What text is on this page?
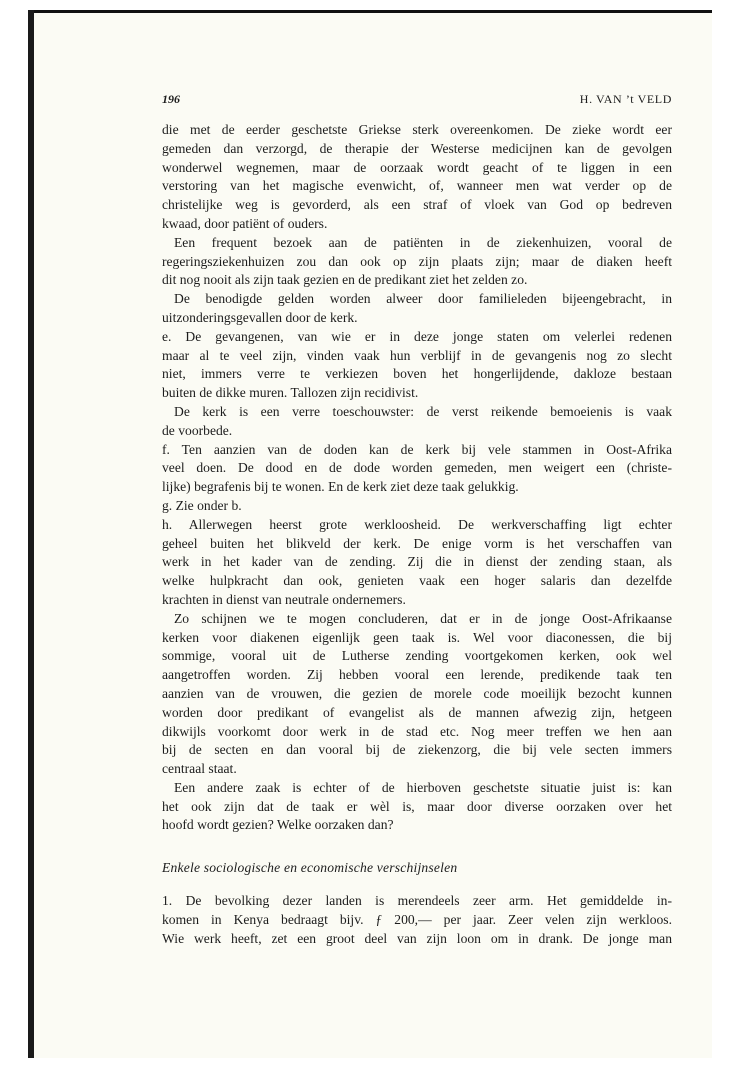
196	H. VAN ’t VELD
die met de eerder geschetste Griekse sterk overeenkomen. De zieke wordt eer
gemeden dan verzorgd, de therapie der Westerse medicijnen kan de gevolgen
wonderwel wegnemen, maar de oorzaak wordt geacht of te liggen in een
verstoring van het magische evenwicht, of, wanneer men wat verder op de
christelijke weg is gevorderd, als een straf of vloek van God op bedreven
kwaad, door patiënt of ouders.
Een frequent bezoek aan de patiënten in de ziekenhuizen, vooral de
regeringsziekenhuizen zou dan ook op zijn plaats zijn; maar de diaken heeft
dit nog nooit als zijn taak gezien en de predikant ziet het zelden zo.
De benodigde gelden worden alweer door familieleden bijeengebracht, in
uitzonderingsgevallen door de kerk.
e. De gevangenen, van wie er in deze jonge staten om velerlei redenen
maar al te veel zijn, vinden vaak hun verblijf in de gevangenis nog zo slecht
niet, immers verre te verkiezen boven het hongerlijdende, dakloze bestaan
buiten de dikke muren. Tallozen zijn recidivist.
De kerk is een verre toeschouwster: de verst reikende bemoeienis is vaak
de voorbede.
f. Ten aanzien van de doden kan de kerk bij vele stammen in Oost-Afrika
veel doen. De dood en de dode worden gemeden, men weigert een (christe-
lijke) begrafenis bij te wonen. En de kerk ziet deze taak gelukkig.
g. Zie onder b.
h. Allerwegen heerst grote werkloosheid. De werkverschaffing ligt echter
geheel buiten het blikveld der kerk. De enige vorm is het verschaffen van
werk in het kader van de zending. Zij die in dienst der zending staan, als
welke hulpkracht dan ook, genieten vaak een hoger salaris dan dezelfde
krachten in dienst van neutrale ondernemers.
Zo schijnen we te mogen concluderen, dat er in de jonge Oost-Afrikaanse
kerken voor diakenen eigenlijk geen taak is. Wel voor diaconessen, die bij
sommige, vooral uit de Lutherse zending voortgekomen kerken, ook wel
aangetroffen worden. Zij hebben vooral een lerende, predikende taak ten
aanzien van de vrouwen, die gezien de morele code moeilijk bezocht kunnen
worden door predikant of evangelist als de mannen afwezig zijn, hetgeen
dikwijls voorkomt door werk in de stad etc. Nog meer treffen we hen aan
bij de secten en dan vooral bij de ziekenzorg, die bij vele secten immers
centraal staat.
Een andere zaak is echter of de hierboven geschetste situatie juist is: kan
het ook zijn dat de taak er wèl is, maar door diverse oorzaken over het
hoofd wordt gezien? Welke oorzaken dan?
Enkele sociologische en economische verschijnselen
1. De bevolking dezer landen is merendeels zeer arm. Het gemiddelde in-
komen in Kenya bedraagt bijv. ƒ 200,— per jaar. Zeer velen zijn werkloos.
Wie werk heeft, zet een groot deel van zijn loon om in drank. De jonge man
